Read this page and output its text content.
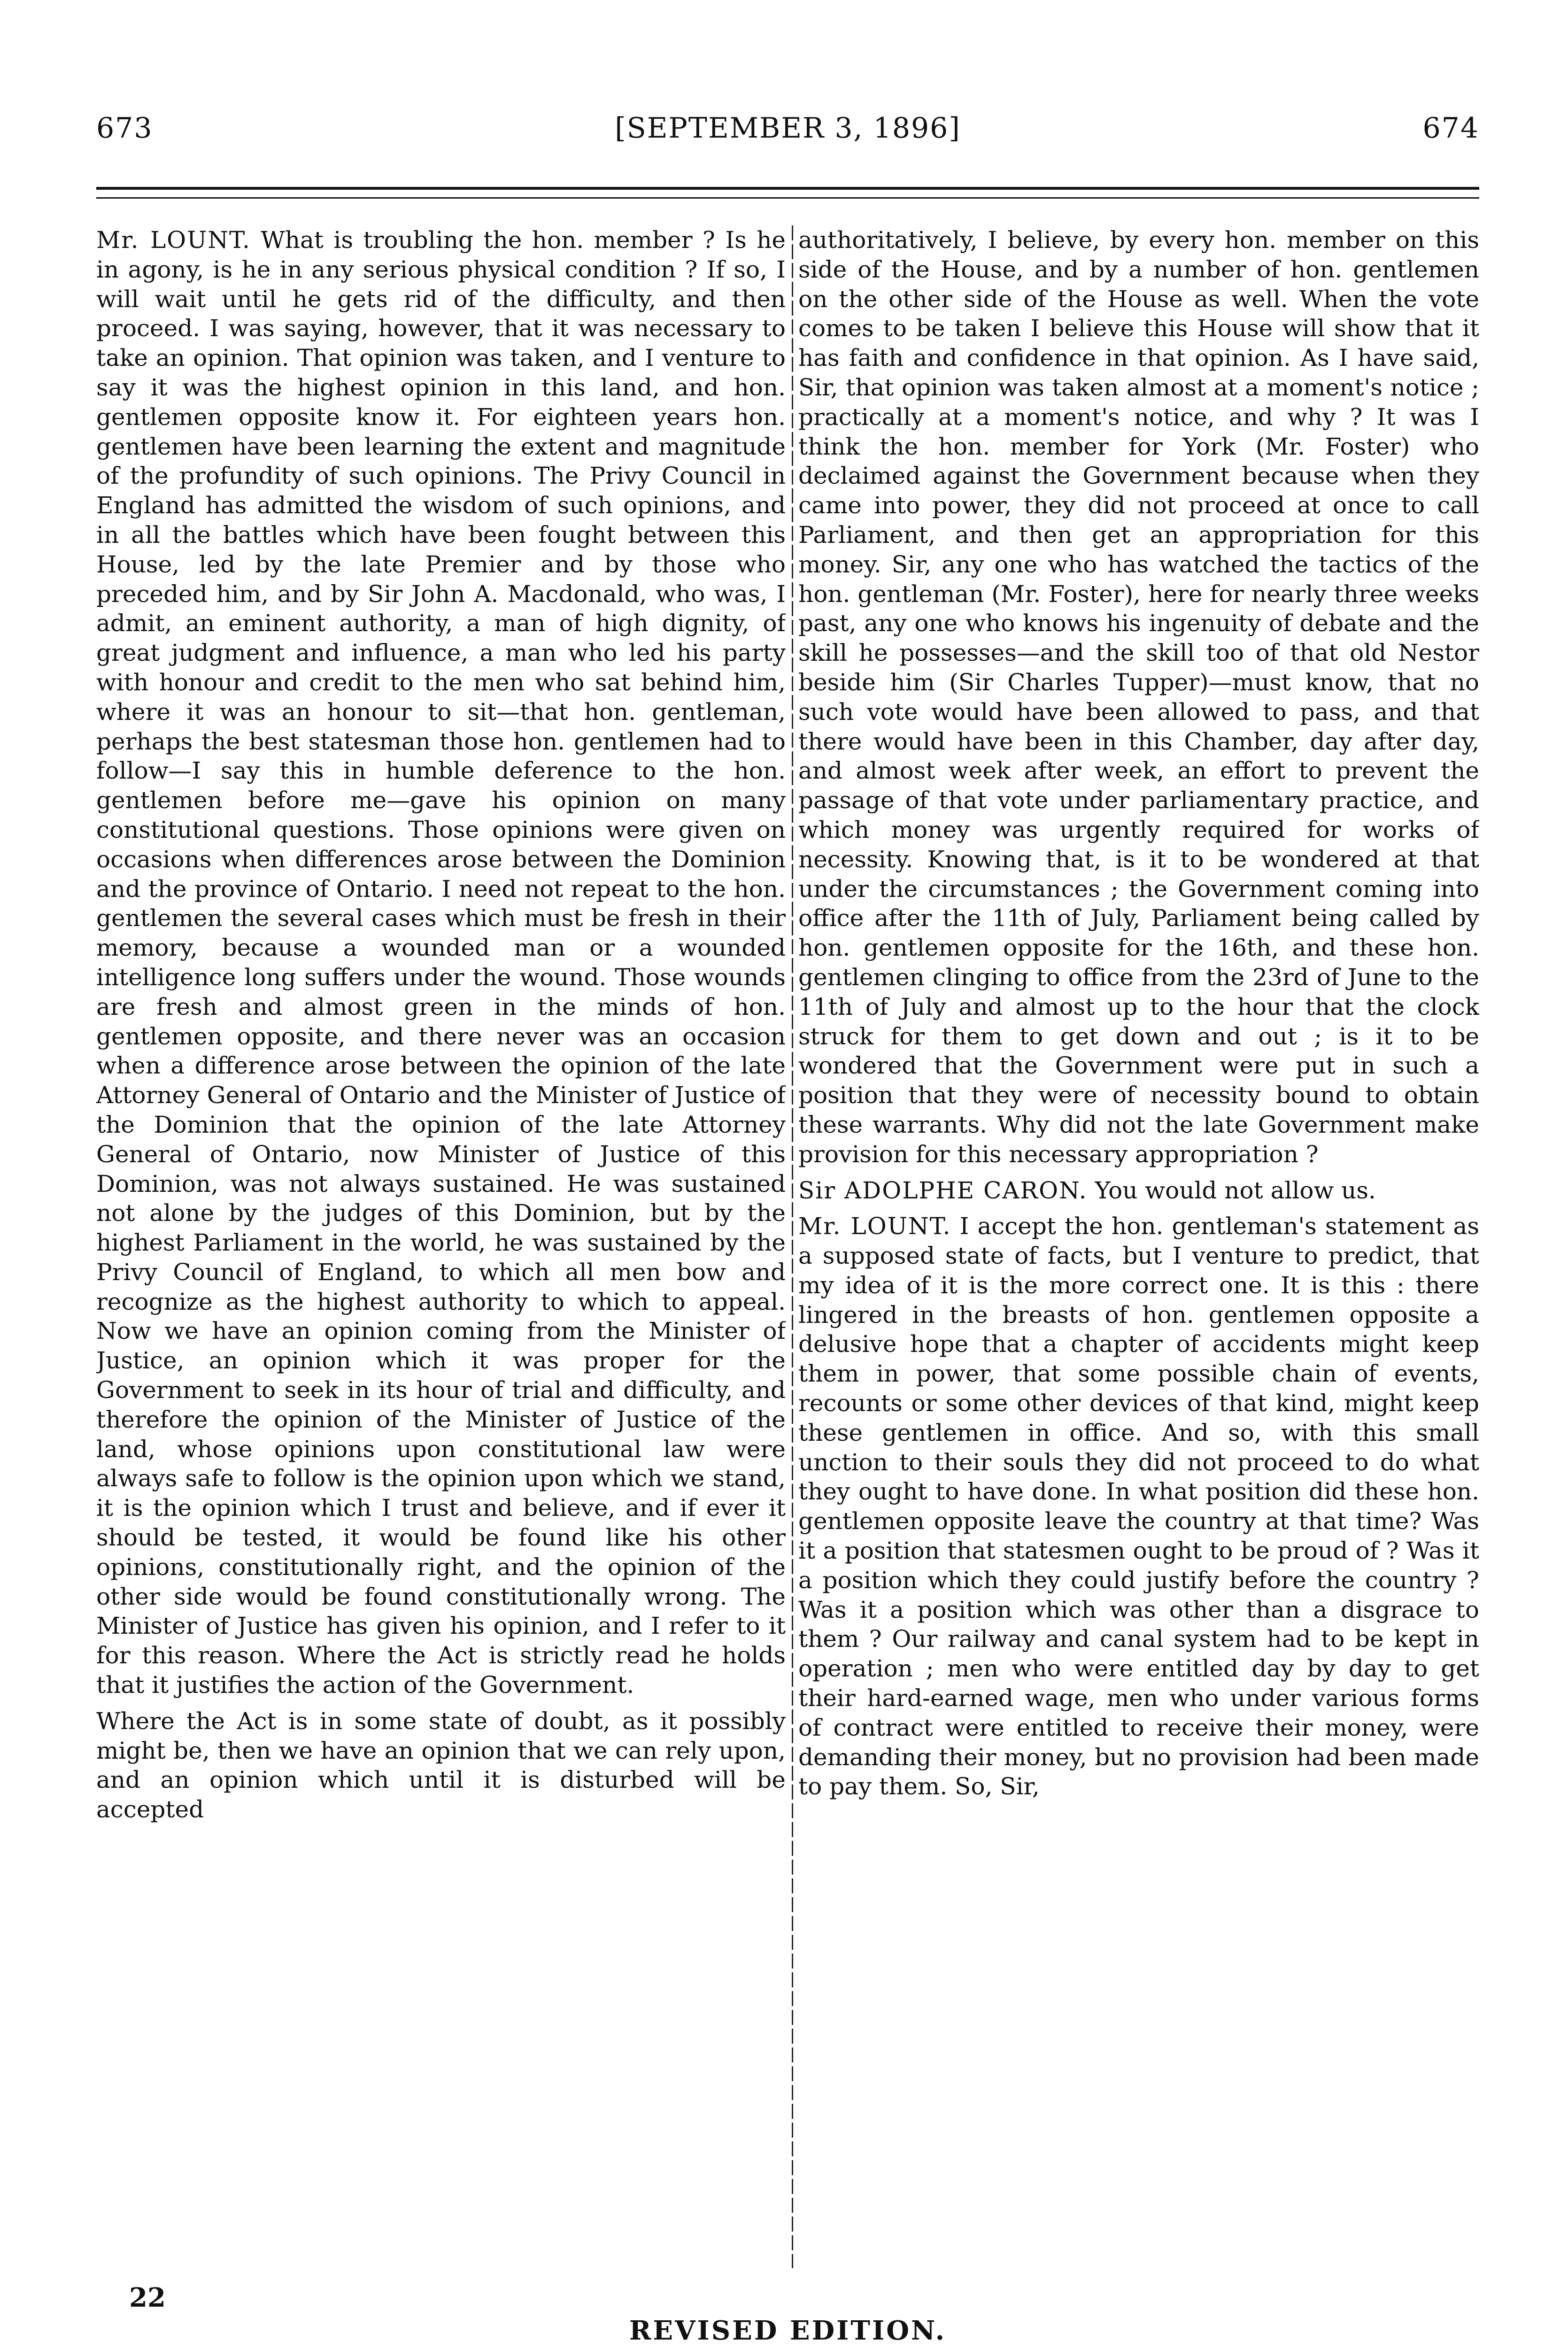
673	[SEPTEMBER 3, 1896]	674

Mr. LOUNT. What is troubling the hon. member ? Is he in agony, is he in any serious physical condition ? If so, I will wait until he gets rid of the difficulty, and then proceed. I was saying, however, that it was necessary to take an opinion. That opinion was taken, and I venture to say it was the highest opinion in this land, and hon. gentlemen opposite know it. For eighteen years hon. gentlemen have been learning the extent and magnitude of the profundity of such opinions. The Privy Council in England has admitted the wisdom of such opinions, and in all the battles which have been fought between this House, led by the late Premier and by those who preceded him, and by Sir John A. Macdonald, who was, I admit, an eminent authority, a man of high dignity, of great judgment and influence, a man who led his party with honour and credit to the men who sat behind him, where it was an honour to sit—that hon. gentleman, perhaps the best statesman those hon. gentlemen had to follow—I say this in humble deference to the hon. gentlemen before me—gave his opinion on many constitutional questions. Those opinions were given on occasions when differences arose between the Dominion and the province of Ontario. I need not repeat to the hon. gentlemen the several cases which must be fresh in their memory, because a wounded man or a wounded intelligence long suffers under the wound. Those wounds are fresh and almost green in the minds of hon. gentlemen opposite, and there never was an occasion when a difference arose between the opinion of the late Attorney General of Ontario and the Minister of Justice of the Dominion that the opinion of the late Attorney General of Ontario, now Minister of Justice of this Dominion, was not always sustained. He was sustained not alone by the judges of this Dominion, but by the highest Parliament in the world, he was sustained by the Privy Council of England, to which all men bow and recognize as the highest authority to which to appeal. Now we have an opinion coming from the Minister of Justice, an opinion which it was proper for the Government to seek in its hour of trial and difficulty, and therefore the opinion of the Minister of Justice of the land, whose opinions upon constitutional law were always safe to follow is the opinion upon which we stand, it is the opinion which I trust and believe, and if ever it should be tested, it would be found like his other opinions, constitutionally right, and the opinion of the other side would be found constitutionally wrong. The Minister of Justice has given his opinion, and I refer to it for this reason. Where the Act is strictly read he holds that it justifies the action of the Government.

Where the Act is in some state of doubt, as it possibly might be, then we have an opinion that we can rely upon, and an opinion which until it is disturbed will be accepted

authoritatively, I believe, by every hon. member on this side of the House, and by a number of hon. gentlemen on the other side of the House as well. When the vote comes to be taken I believe this House will show that it has faith and confidence in that opinion. As I have said, Sir, that opinion was taken almost at a moment's notice ; practically at a moment's notice, and why ? It was I think the hon. member for York (Mr. Foster) who declaimed against the Government because when they came into power, they did not proceed at once to call Parliament, and then get an appropriation for this money. Sir, any one who has watched the tactics of the hon. gentleman (Mr. Foster), here for nearly three weeks past, any one who knows his ingenuity of debate and the skill he possesses—and the skill too of that old Nestor beside him (Sir Charles Tupper)—must know, that no such vote would have been allowed to pass, and that there would have been in this Chamber, day after day, and almost week after week, an effort to prevent the passage of that vote under parliamentary practice, and which money was urgently required for works of necessity. Knowing that, is it to be wondered at that under the circumstances ; the Government coming into office after the 11th of July, Parliament being called by hon. gentlemen opposite for the 16th, and these hon. gentlemen clinging to office from the 23rd of June to the 11th of July and almost up to the hour that the clock struck for them to get down and out ; is it to be wondered that the Government were put in such a position that they were of necessity bound to obtain these warrants. Why did not the late Government make provision for this necessary appropriation ?

Sir ADOLPHE CARON. You would not allow us.

Mr. LOUNT. I accept the hon. gentleman's statement as a supposed state of facts, but I venture to predict, that my idea of it is the more correct one. It is this : there lingered in the breasts of hon. gentlemen opposite a delusive hope that a chapter of accidents might keep them in power, that some possible chain of events, recounts or some other devices of that kind, might keep these gentlemen in office. And so, with this small unction to their souls they did not proceed to do what they ought to have done. In what position did these hon. gentlemen opposite leave the country at that time? Was it a position that statesmen ought to be proud of ? Was it a position which they could justify before the country ? Was it a position which was other than a disgrace to them ? Our railway and canal system had to be kept in operation ; men who were entitled day by day to get their hard-earned wage, men who under various forms of contract were entitled to receive their money, were demanding their money, but no provision had been made to pay them. So, Sir,

22
REVISED EDITION.
